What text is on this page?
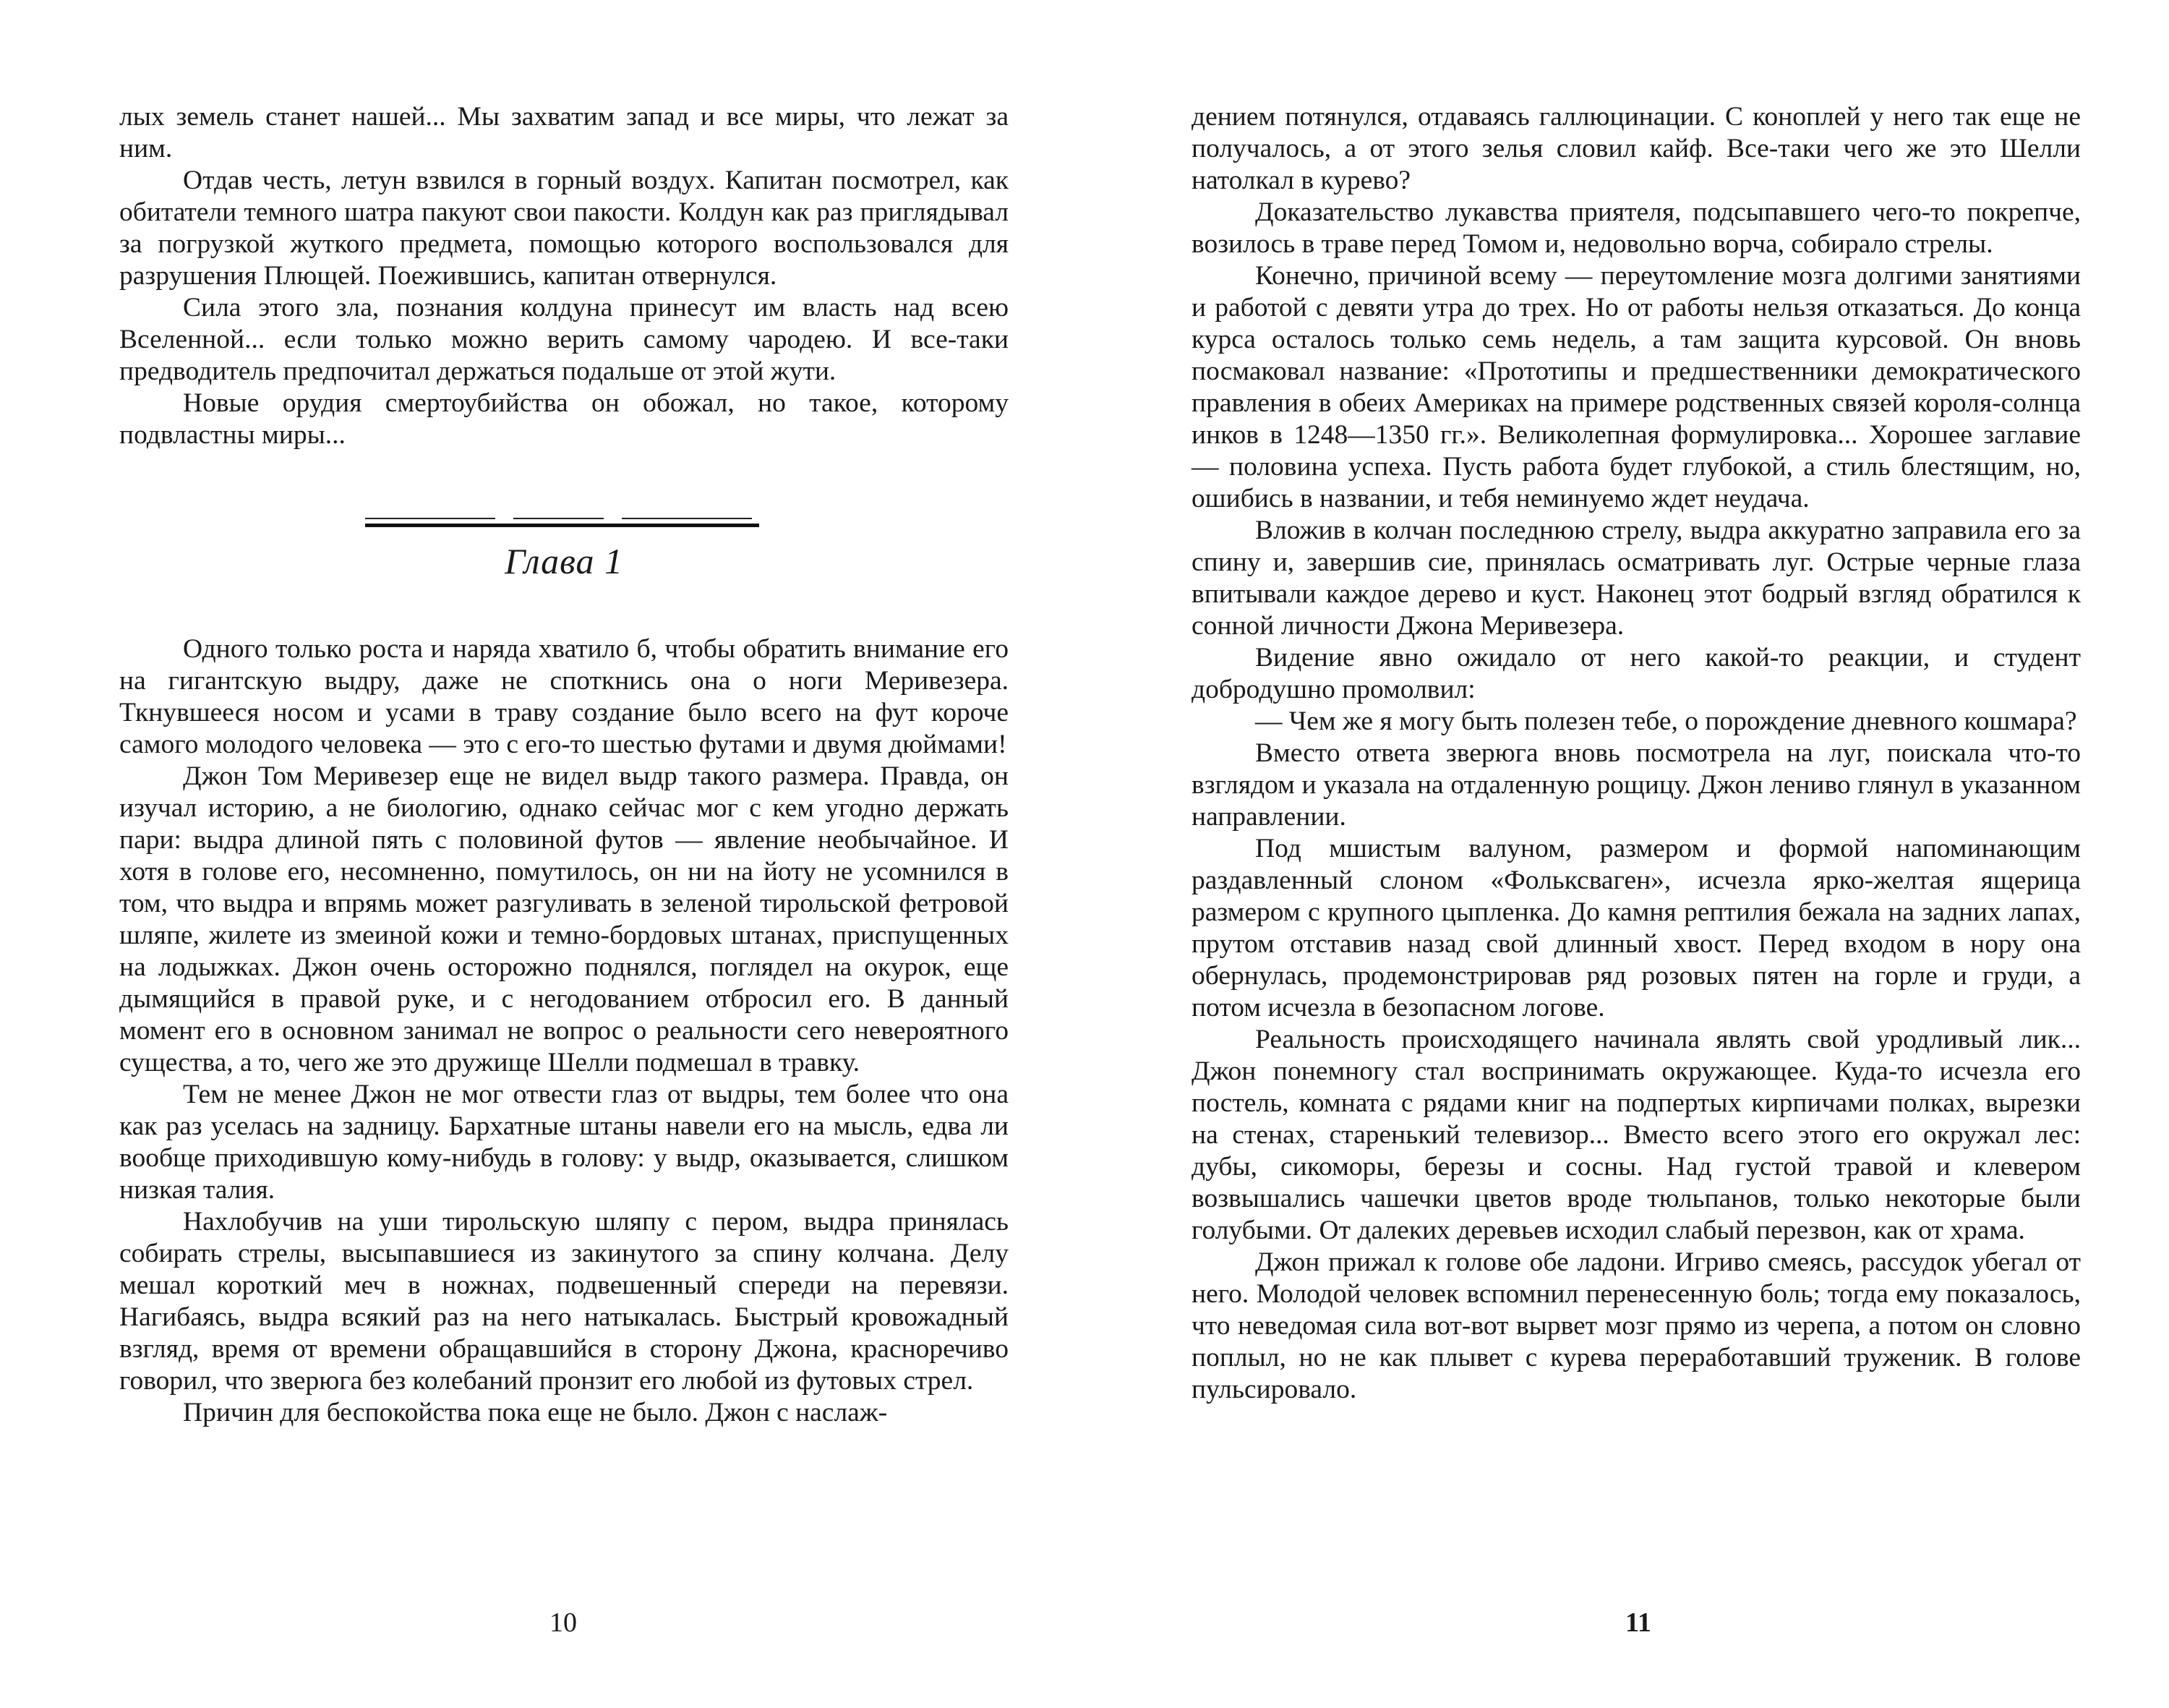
лых земель станет нашей... Мы захватим запад и все миры, что лежат за ним.

Отдав честь, летун взвился в горный воздух. Капитан посмотрел, как обитатели темного шатра пакуют свои пакости. Колдун как раз приглядывал за погрузкой жуткого предмета, помощью которого воспользовался для разрушения Плющей. Поежившись, капитан отвернулся.

Сила этого зла, познания колдуна принесут им власть над всею Вселенной... если только можно верить самому чародею. И все-таки предводитель предпочитал держаться подальше от этой жути.

Новые орудия смертоубийства он обожал, но такое, которому подвластны миры...

Глава 1

Одного только роста и наряда хватило б, чтобы обратить внимание его на гигантскую выдру, даже не споткнись она о ноги Меривезера. Ткнувшееся носом и усами в траву создание было всего на фут короче самого молодого человека — это с его-то шестью футами и двумя дюймами!

Джон Том Меривезер еще не видел выдр такого размера. Правда, он изучал историю, а не биологию, однако сейчас мог с кем угодно держать пари: выдра длиной пять с половиной футов — явление необычайное. И хотя в голове его, несомненно, помутилось, он ни на йоту не усомнился в том, что выдра и впрямь может разгуливать в зеленой тирольской фетровой шляпе, жилете из змеиной кожи и темно-бордовых штанах, приспущенных на лодыжках. Джон очень осторожно поднялся, поглядел на окурок, еще дымящийся в правой руке, и с негодованием отбросил его. В данный момент его в основном занимал не вопрос о реальности сего невероятного существа, а то, чего же это дружище Шелли подмешал в травку.

Тем не менее Джон не мог отвести глаз от выдры, тем более что она как раз уселась на задницу. Бархатные штаны навели его на мысль, едва ли вообще приходившую кому-нибудь в голову: у выдр, оказывается, слишком низкая талия.

Нахлобучив на уши тирольскую шляпу с пером, выдра принялась собирать стрелы, высыпавшиеся из закинутого за спину колчана. Делу мешал короткий меч в ножнах, подвешенный спереди на перевязи. Нагибаясь, выдра всякий раз на него натыкалась. Быстрый кровожадный взгляд, время от времени обращавшийся в сторону Джона, красноречиво говорил, что зверюга без колебаний пронзит его любой из футовых стрел.

Причин для беспокойства пока еще не было. Джон с наслаж-

10

дением потянулся, отдаваясь галлюцинации. С коноплей у него так еще не получалось, а от этого зелья словил кайф. Все-таки чего же это Шелли натолкал в курево?

Доказательство лукавства приятеля, подсыпавшего чего-то покрепче, возилось в траве перед Томом и, недовольно ворча, собирало стрелы.

Конечно, причиной всему — переутомление мозга долгими занятиями и работой с девяти утра до трех. Но от работы нельзя отказаться. До конца курса осталось только семь недель, а там защита курсовой. Он вновь посмаковал название: «Прототипы и предшественники демократического правления в обеих Америках на примере родственных связей короля-солнца инков в 1248—1350 гг.». Великолепная формулировка... Хорошее заглавие — половина успеха. Пусть работа будет глубокой, а стиль блестящим, но, ошибись в названии, и тебя неминуемо ждет неудача.

Вложив в колчан последнюю стрелу, выдра аккуратно заправила его за спину и, завершив сие, принялась осматривать луг. Острые черные глаза впитывали каждое дерево и куст. Наконец этот бодрый взгляд обратился к сонной личности Джона Меривезера.

Видение явно ожидало от него какой-то реакции, и студент добродушно промолвил:

— Чем же я могу быть полезен тебе, о порождение дневного кошмара?

Вместо ответа зверюга вновь посмотрела на луг, поискала что-то взглядом и указала на отдаленную рощицу. Джон лениво глянул в указанном направлении.

Под мшистым валуном, размером и формой напоминающим раздавленный слоном «Фольксваген», исчезла ярко-желтая ящерица размером с крупного цыпленка. До камня рептилия бежала на задних лапах, прутом отставив назад свой длинный хвост. Перед входом в нору она обернулась, продемонстрировав ряд розовых пятен на горле и груди, а потом исчезла в безопасном логове.

Реальность происходящего начинала являть свой уродливый лик... Джон понемногу стал воспринимать окружающее. Куда-то исчезла его постель, комната с рядами книг на подпертых кирпичами полках, вырезки на стенах, старенький телевизор... Вместо всего этого его окружал лес: дубы, сикоморы, березы и сосны. Над густой травой и клевером возвышались чашечки цветов вроде тюльпанов, только некоторые были голубыми. От далеких деревьев исходил слабый перезвон, как от храма.

Джон прижал к голове обе ладони. Игриво смеясь, рассудок убегал от него. Молодой человек вспомнил перенесенную боль; тогда ему показалось, что неведомая сила вот-вот вырвет мозг прямо из черепа, а потом он словно поплыл, но не как плывет с курева переработавший труженик. В голове пульсировало.

11
